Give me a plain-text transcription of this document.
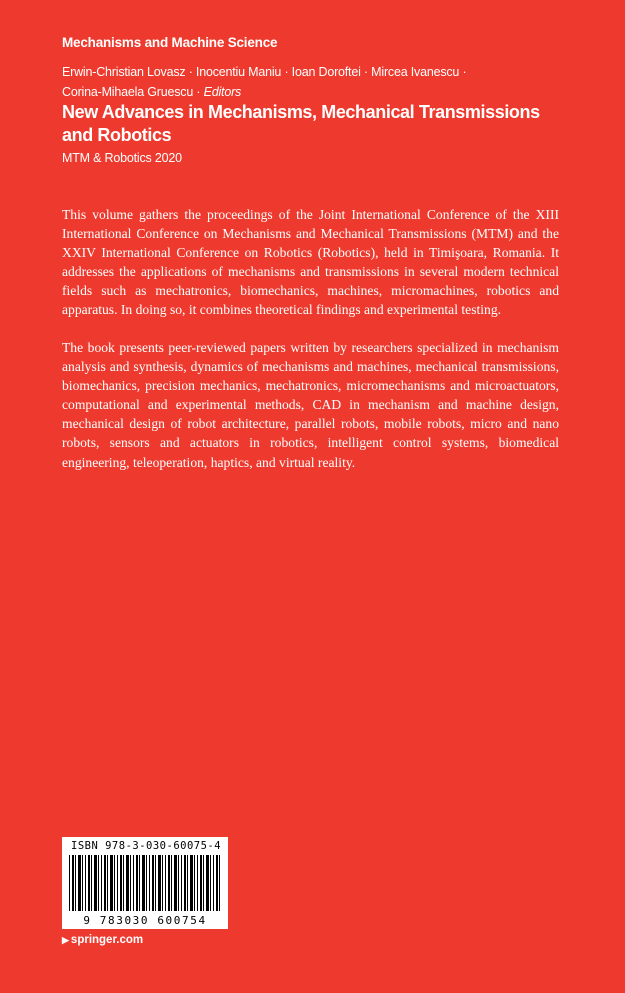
Mechanisms and Machine Science
Erwin-Christian Lovasz · Inocentiu Maniu · Ioan Doroftei · Mircea Ivanescu ·
Corina-Mihaela Gruescu · Editors
New Advances in Mechanisms, Mechanical Transmissions and Robotics
MTM & Robotics 2020

This volume gathers the proceedings of the Joint International Conference of the XIII International Conference on Mechanisms and Mechanical Transmissions (MTM) and the XXIV International Conference on Robotics (Robotics), held in Timişoara, Romania. It addresses the applications of mechanisms and transmissions in several modern technical fields such as mechatronics, biomechanics, machines, micromachines, robotics and apparatus. In doing so, it combines theoretical findings and experimental testing.

The book presents peer-reviewed papers written by researchers specialized in mechanism analysis and synthesis, dynamics of mechanisms and machines, mechanical transmissions, biomechanics, precision mechanics, mechatronics, micromechanisms and microactuators, computational and experimental methods, CAD in mechanism and machine design, mechanical design of robot architecture, parallel robots, mobile robots, micro and nano robots, sensors and actuators in robotics, intelligent control systems, biomedical engineering, teleoperation, haptics, and virtual reality.

ISBN 978-3-030-60075-4
9 783030 600754
▶ springer.com
